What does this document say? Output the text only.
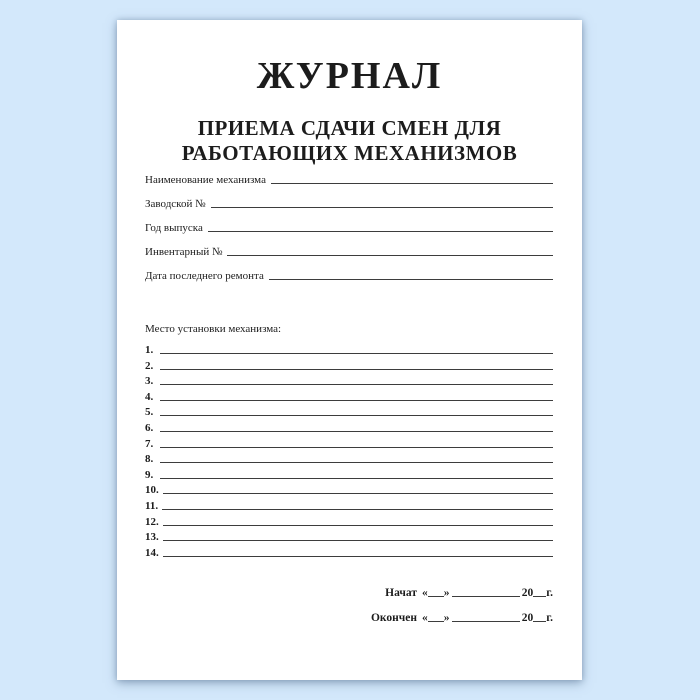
ЖУРНАЛ
ПРИЕМА СДАЧИ СМЕН ДЛЯ
РАБОТАЮЩИХ МЕХАНИЗМОВ
Наименование механизма
Заводской №
Год выпуска
Инвентарный №
Дата последнего ремонта
Место установки механизма:
1.
2.
3.
4.
5.
6.
7.
8.
9.
10.
11.
12.
13.
14.
Начат « »	20 г.
Окончен « »	20 г.
